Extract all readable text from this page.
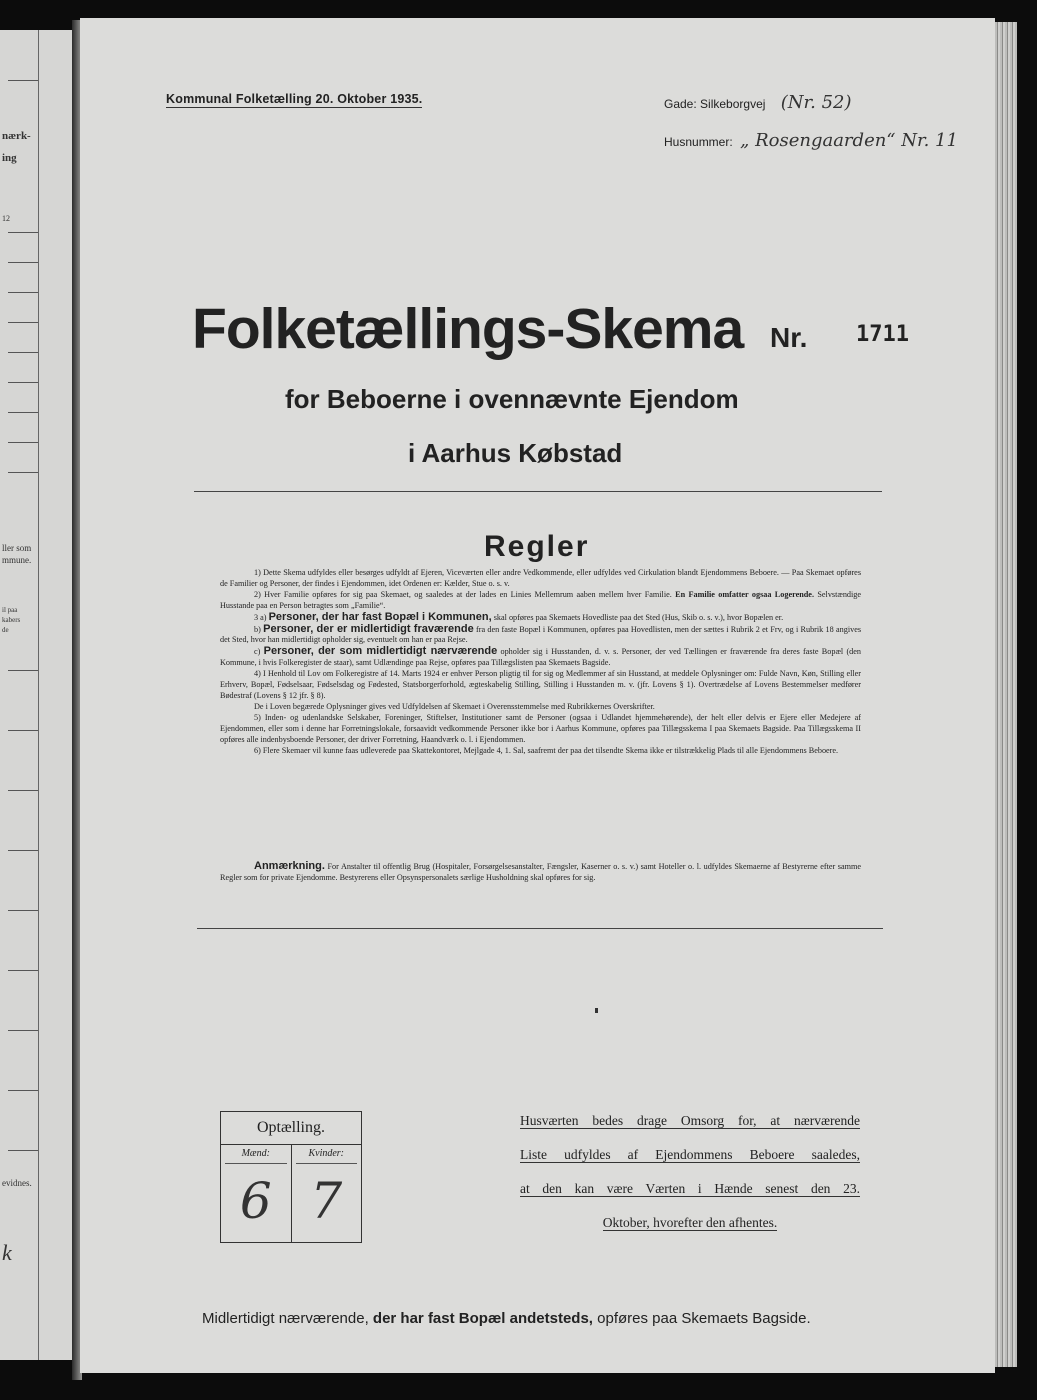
nærk-
ing
12
ller som
mmune.
il paa
kabers
de
evidnes.
k
Kommunal Folketælling 20. Oktober 1935.	Gade: Silkeborgvej (Nr. 52)
Husnummer: „ Rosengaarden“ Nr. 11
Folketællings-Skema Nr. 1711
for Beboerne i ovennævnte Ejendom
i Aarhus Købstad
Regler

1) Dette Skema udfyldes eller besørges udfyldt af Ejeren, Viceværten eller andre Vedkommende, eller udfyldes ved Cirkulation blandt Ejendommens Beboere. — Paa Skemaet opføres de Familier og Personer, der findes i Ejendommen, idet Ordenen er: Kælder, Stue o. s. v.

2) Hver Familie opføres for sig paa Skemaet, og saaledes at der lades en Linies Mellemrum aaben mellem hver Familie. En Familie omfatter ogsaa Logerende. Selvstændige Husstande paa en Person betragtes som „Familie“.

3 a) Personer, der har fast Bopæl i Kommunen, skal opføres paa Skemaets Hovedliste paa det Sted (Hus, Skib o. s. v.), hvor Bopælen er.

b) Personer, der er midlertidigt fraværende fra den faste Bopæl i Kommunen, opføres paa Hovedlisten, men der sættes i Rubrik 2 et Frv, og i Rubrik 18 angives det Sted, hvor han midlertidigt opholder sig, eventuelt om han er paa Rejse.

c) Personer, der som midlertidigt nærværende opholder sig i Husstanden, d. v. s. Personer, der ved Tællingen er fraværende fra deres faste Bopæl (den Kommune, i hvis Folkeregister de staar), samt Udlændinge paa Rejse, opføres paa Tillægslisten paa Skemaets Bagside.

4) I Henhold til Lov om Folkeregistre af 14. Marts 1924 er enhver Person pligtig til for sig og Medlemmer af sin Husstand, at meddele Oplysninger om: Fulde Navn, Køn, Stilling eller Erhverv, Bopæl, Fødselsaar, Fødselsdag og Fødested, Statsborgerforhold, ægteskabelig Stilling, Stilling i Husstanden m. v. (jfr. Lovens § 1). Overtrædelse af Lovens Bestemmelser medfører Bødestraf (Lovens § 12 jfr. § 8).

De i Loven begærede Oplysninger gives ved Udfyldelsen af Skemaet i Overensstemmelse med Rubrikkernes Overskrifter.

5) Inden- og udenlandske Selskaber, Foreninger, Stiftelser, Institutioner samt de Personer (ogsaa i Udlandet hjemmehørende), der helt eller delvis er Ejere eller Medejere af Ejendommen, eller som i denne har Forretningslokale, forsaavidt vedkommende Personer ikke bor i Aarhus Kommune, opføres paa Tillægsskema I paa Skemaets Bagside. Paa Tillægsskema II opføres alle indenbysboende Personer, der driver Forretning, Haandværk o. l. i Ejendommen.

6) Flere Skemaer vil kunne faas udleverede paa Skattekontoret, Mejlgade 4, 1. Sal, saafremt der paa det tilsendte Skema ikke er tilstrækkelig Plads til alle Ejendommens Beboere.

Anmærkning. For Anstalter til offentlig Brug (Hospitaler, Forsørgelsesanstalter, Fængsler, Kaserner o. s. v.) samt Hoteller o. l. udfyldes Skemaerne af Bestyrerne efter samme Regler som for private Ejendomme. Bestyrerens eller Opsynspersonalets særlige Husholdning skal opføres for sig.
Optælling.
Mænd:
6
Kvinder:
7
Husværten bedes drage Omsorg for, at nærværende
Liste udfyldes af Ejendommens Beboere saaledes,
at den kan være Værten i Hænde senest den 23.
Oktober, hvorefter den afhentes.
Midlertidigt nærværende, der har fast Bopæl andetsteds, opføres paa Skemaets Bagside.
